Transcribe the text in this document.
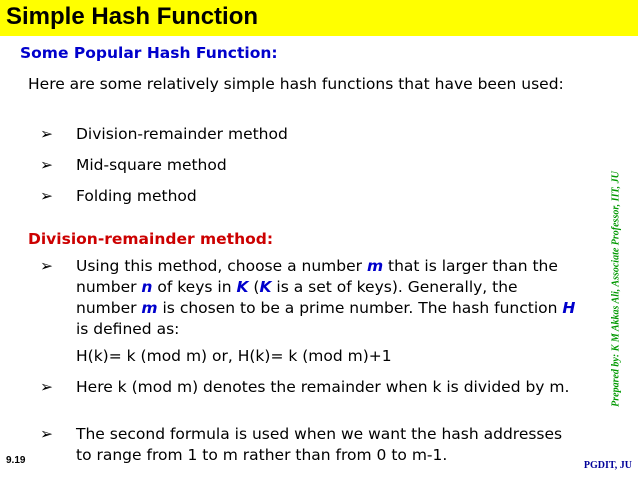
Simple Hash Function
Some Popular Hash Function:
Here are some relatively simple hash functions that have been used:
➢ Division-remainder method
➢ Mid-square method
➢ Folding method
Division-remainder method:
➢ Using this method, choose a number m that is larger than the number n of keys in K (K is a set of keys). Generally, the number m is chosen to be a prime number. The hash function H is defined as:
H(k)= k (mod m) or, H(k)= k (mod m)+1
➢ Here k (mod m) denotes the remainder when k is divided by m.
➢ The second formula is used when we want the hash addresses to range from 1 to m rather than from 0 to m-1.
Prepared by: K M Akkas Ali, Associate Professor, IIT, JU
9.19	PGDIT, JU
